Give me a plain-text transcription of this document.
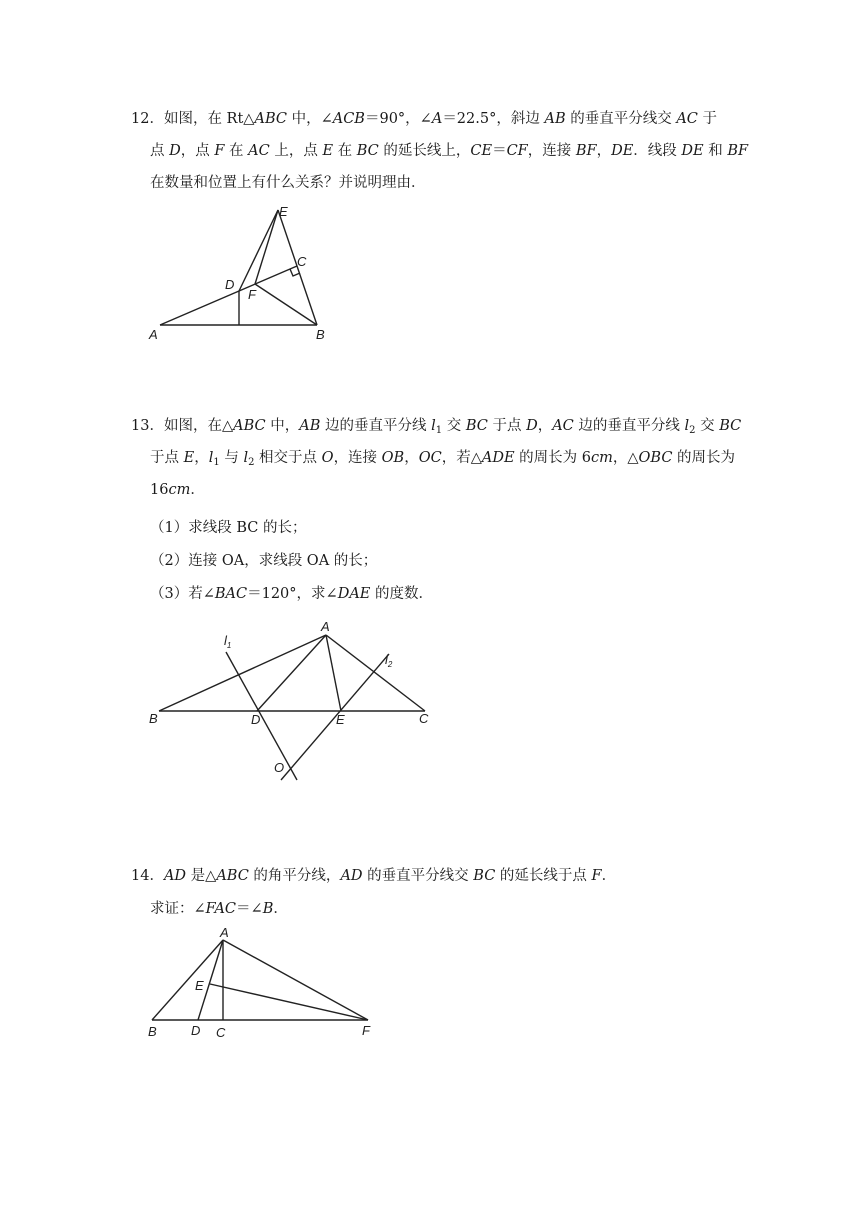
12．如图，在 Rt△ABC 中，∠ACB＝90°，∠A＝22.5°，斜边 AB 的垂直平分线交 AC 于
点 D，点 F 在 AC 上，点 E 在 BC 的延长线上，CE＝CF，连接 BF，DE．线段 DE 和 BF
在数量和位置上有什么关系？并说明理由．
A	B
C
D
E
F
13．如图，在△ABC 中，AB 边的垂直平分线 $l_1$ 交 BC 于点 D，AC 边的垂直平分线 $l_2$ 交 BC
于点 E，$l_1$ 与 $l_2$ 相交于点 O，连接 OB，OC，若△ADE 的周长为 6cm，△OBC 的周长为
16cm．
（1）求线段 BC 的长；
（2）连接 OA，求线段 OA 的长；
（3）若∠BAC＝120°，求∠DAE 的度数．
B	C
A
D	E
O
$l_1$
$l_2$
14．AD 是△ABC 的角平分线，AD 的垂直平分线交 BC 的延长线于点 F．
求证：∠FAC＝∠B．
A
B	C
D
E
F
